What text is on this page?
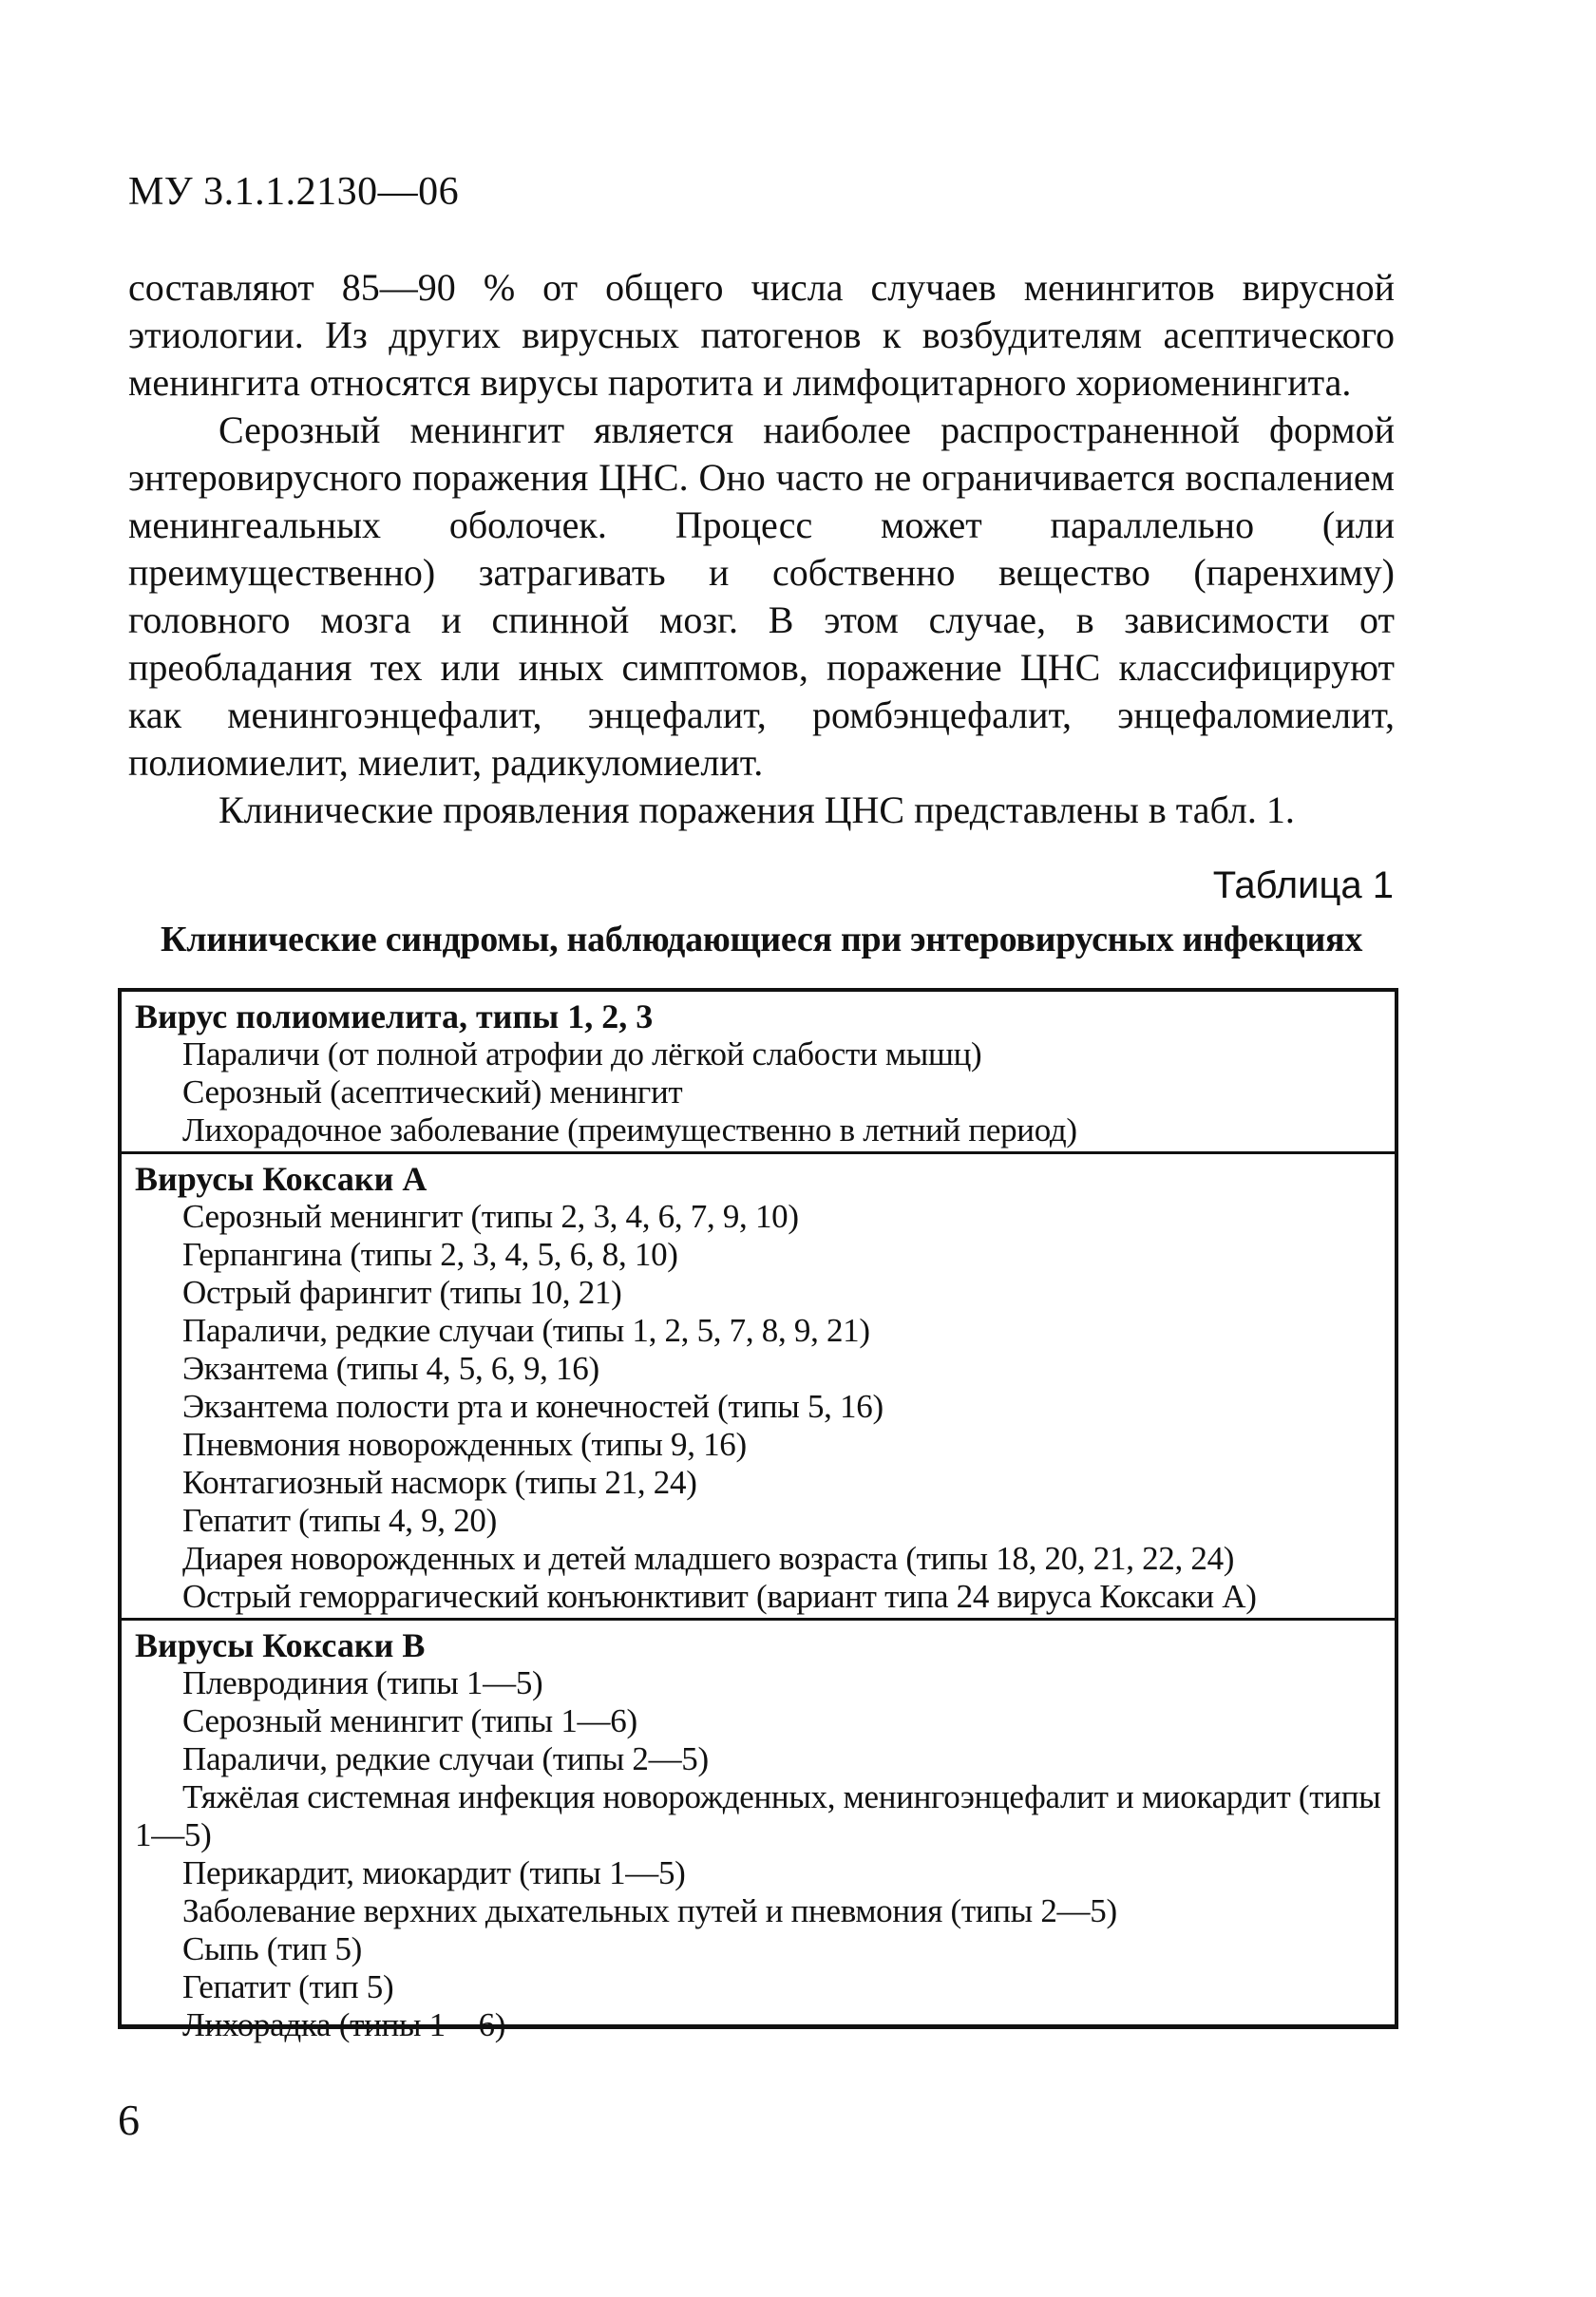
МУ 3.1.1.2130—06

составляют 85—90 % от общего числа случаев менингитов вирусной этиологии. Из других вирусных патогенов к возбудителям асептического менингита относятся вирусы паротита и лимфоцитарного хориоменингита.

Серозный менингит является наиболее распространенной формой энтеровирусного поражения ЦНС. Оно часто не ограничивается воспалением менингеальных оболочек. Процесс может параллельно (или преимущественно) затрагивать и собственно вещество (паренхиму) головного мозга и спинной мозг. В этом случае, в зависимости от преобладания тех или иных симптомов, поражение ЦНС классифицируют как менингоэнцефалит, энцефалит, ромбэнцефалит, энцефаломиелит, полиомиелит, миелит, радикуломиелит.

Клинические проявления поражения ЦНС представлены в табл. 1.

Таблица 1
Клинические синдромы, наблюдающиеся при энтеровирусных инфекциях
Вирус полиомиелита, типы 1, 2, 3
Параличи (от полной атрофии до лёгкой слабости мышц)
Серозный (асептический) менингит
Лихорадочное заболевание (преимущественно в летний период)
Вирусы Коксаки А
Серозный менингит (типы 2, 3, 4, 6, 7, 9, 10)
Герпангина (типы 2, 3, 4, 5, 6, 8, 10)
Острый фарингит (типы 10, 21)
Параличи, редкие случаи (типы 1, 2, 5, 7, 8, 9, 21)
Экзантема (типы 4, 5, 6, 9, 16)
Экзантема полости рта и конечностей (типы 5, 16)
Пневмония новорожденных (типы 9, 16)
Контагиозный насморк (типы 21, 24)
Гепатит (типы 4, 9, 20)
Диарея новорожденных и детей младшего возраста (типы 18, 20, 21, 22, 24)
Острый геморрагический конъюнктивит (вариант типа 24 вируса Коксаки А)
Вирусы Коксаки В
Плевродиния (типы 1—5)
Серозный менингит (типы 1—6)
Параличи, редкие случаи (типы 2—5)
Тяжёлая системная инфекция новорожденных, менингоэнцефалит и миокардит (типы 1—5)
Перикардит, миокардит (типы 1—5)
Заболевание верхних дыхательных путей и пневмония (типы 2—5)
Сыпь (тип 5)
Гепатит (тип 5)
Лихорадка (типы 1—6)
6
